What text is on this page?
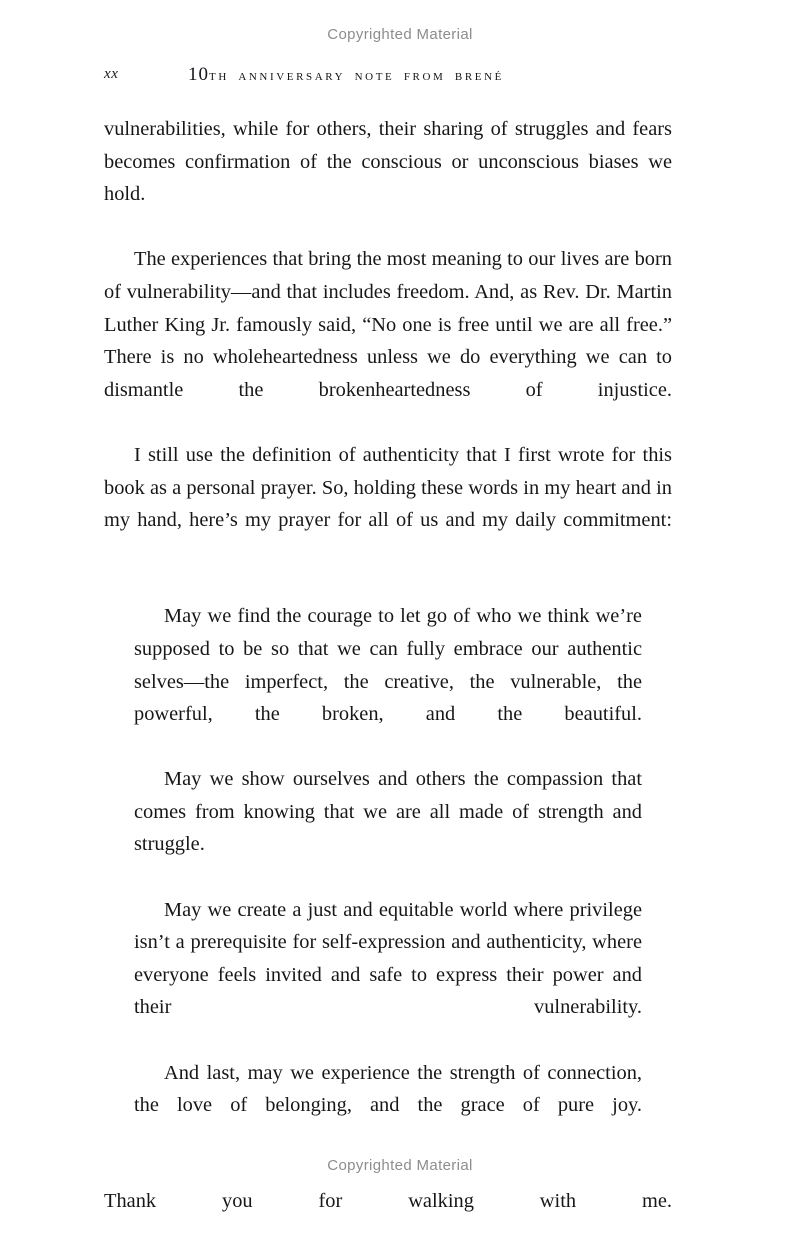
Copyrighted Material
xx	10th anniversary note from brené

vulnerabilities, while for others, their sharing of struggles and fears becomes confirmation of the conscious or unconscious biases we hold.

The experiences that bring the most meaning to our lives are born of vulnerability—and that includes freedom. And, as Rev. Dr. Martin Luther King Jr. famously said, “No one is free until we are all free.” There is no wholeheartedness unless we do everything we can to dismantle the brokenheartedness of injustice.

I still use the definition of authenticity that I first wrote for this book as a personal prayer. So, holding these words in my heart and in my hand, here’s my prayer for all of us and my daily commitment:

May we find the courage to let go of who we think we’re supposed to be so that we can fully embrace our authentic selves—the imperfect, the creative, the vulnerable, the powerful, the broken, and the beautiful.

May we show ourselves and others the compassion that comes from knowing that we are all made of strength and struggle.

May we create a just and equitable world where privilege isn’t a prerequisite for self-expression and authenticity, where everyone feels invited and safe to express their power and their vulnerability.

And last, may we experience the strength of connection, the love of belonging, and the grace of pure joy.

Thank you for walking with me.

Copyrighted Material
